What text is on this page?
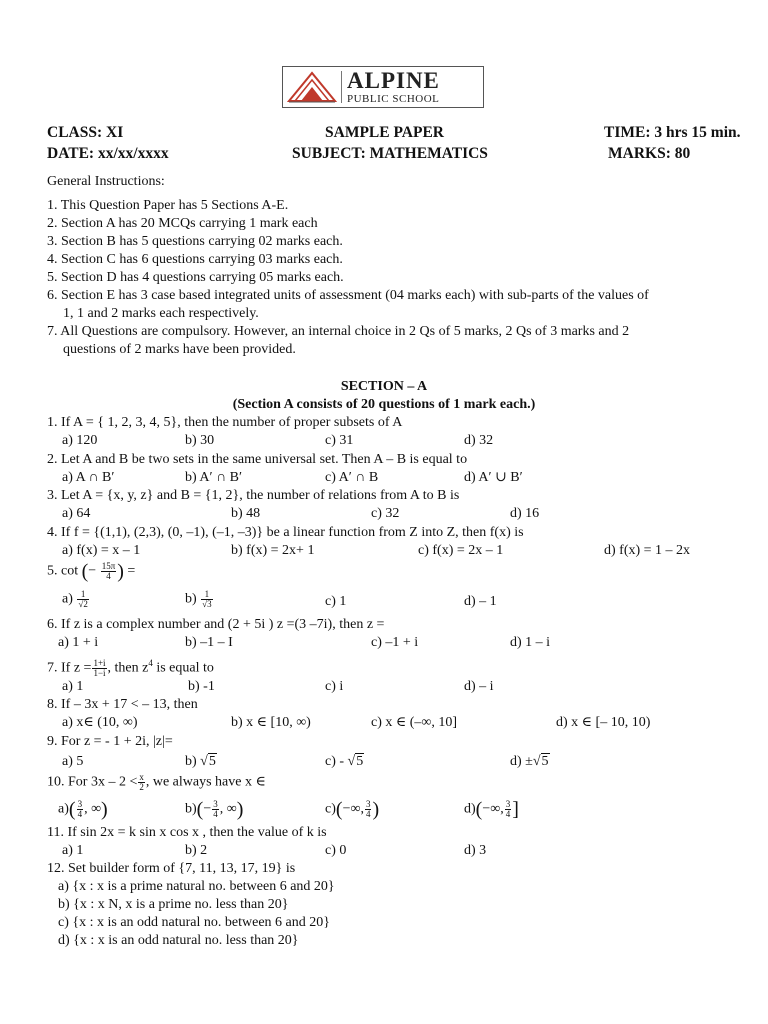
ALPINE
PUBLIC SCHOOL
CLASS: XI	SAMPLE PAPER	TIME: 3 hrs 15 min.
DATE: xx/xx/xxxx	SUBJECT: MATHEMATICS	MARKS: 80
General Instructions:
1. This Question Paper has 5 Sections A-E.
2. Section A has 20 MCQs carrying 1 mark each
3. Section B has 5 questions carrying 02 marks each.
4. Section C has 6 questions carrying 03 marks each.
5. Section D has 4 questions carrying 05 marks each.
6. Section E has 3 case based integrated units of assessment (04 marks each) with sub-parts of the values of
1, 1 and 2 marks each respectively.
7. All Questions are compulsory. However, an internal choice in 2 Qs of 5 marks, 2 Qs of 3 marks and 2
questions of 2 marks have been provided.
SECTION – A
(Section A consists of 20 questions of 1 mark each.)
1. If A = { 1, 2, 3, 4, 5}, then the number of proper subsets of A
a) 120	b) 30	c) 31	d) 32
2. Let A and B be two sets in the same universal set. Then A – B is equal to
a) A ∩ B′	b) A′ ∩ B′	c) A′ ∩ B	d) A′ ∪ B′
3. Let A = {x, y, z} and B = {1, 2}, the number of relations from A to B is
a) 64	b) 48	c) 32	d) 16
4. If f = {(1,1), (2,3), (0, –1), (–1, –3)} be a linear function from Z into Z, then f(x) is
a) f(x) = x – 1	b) f(x) = 2x+ 1	c) f(x) = 2x – 1	d) f(x) = 1 – 2x
5. cot (− $\frac{15\pi}{4}$ ) =
$a) \frac{1}{√2}$	$b) \frac{1}{√3}$	c) 1	d) – 1
6. If z is a complex number and (2 + 5i ) z =(3 –7i), then z =
a) 1 + i	b) –1 – I	c) –1 + i	d) 1 – i
7. If $z = \frac{1+i}{1-i}$ , then $z^4$ is equal to
a) 1	b) -1	c) i	d) – i
8. If – 3x + 17 < – 13, then
a) x∈ (10, ∞)	b) x ∈ [10, ∞)	c) x ∈ (–∞, 10]	d) x ∈ [– 10, 10)
9. For z = - 1 + 2i, |z|=
a) 5	b) √5	c) - √5	d) ±√5
10. For $3x - 2 < \frac{x}{2}$ , we always have x ∈
$a)( \frac{3}{4}$ , ∞)	$b)(- \frac{3}{4}$ , ∞)	c)(−∞, $\frac{3}{4}$ )	d)(−∞, $\frac{3}{4}$ ]
11. If sin 2x = k sin x cos x , then the value of k is
a) 1	b) 2	c) 0	d) 3
12. Set builder form of {7, 11, 13, 17, 19} is
a) {x : x is a prime natural no. between 6 and 20}
b) {x : x N, x is a prime no. less than 20}
c) {x : x is an odd natural no. between 6 and 20}
d) {x : x is an odd natural no. less than 20}
